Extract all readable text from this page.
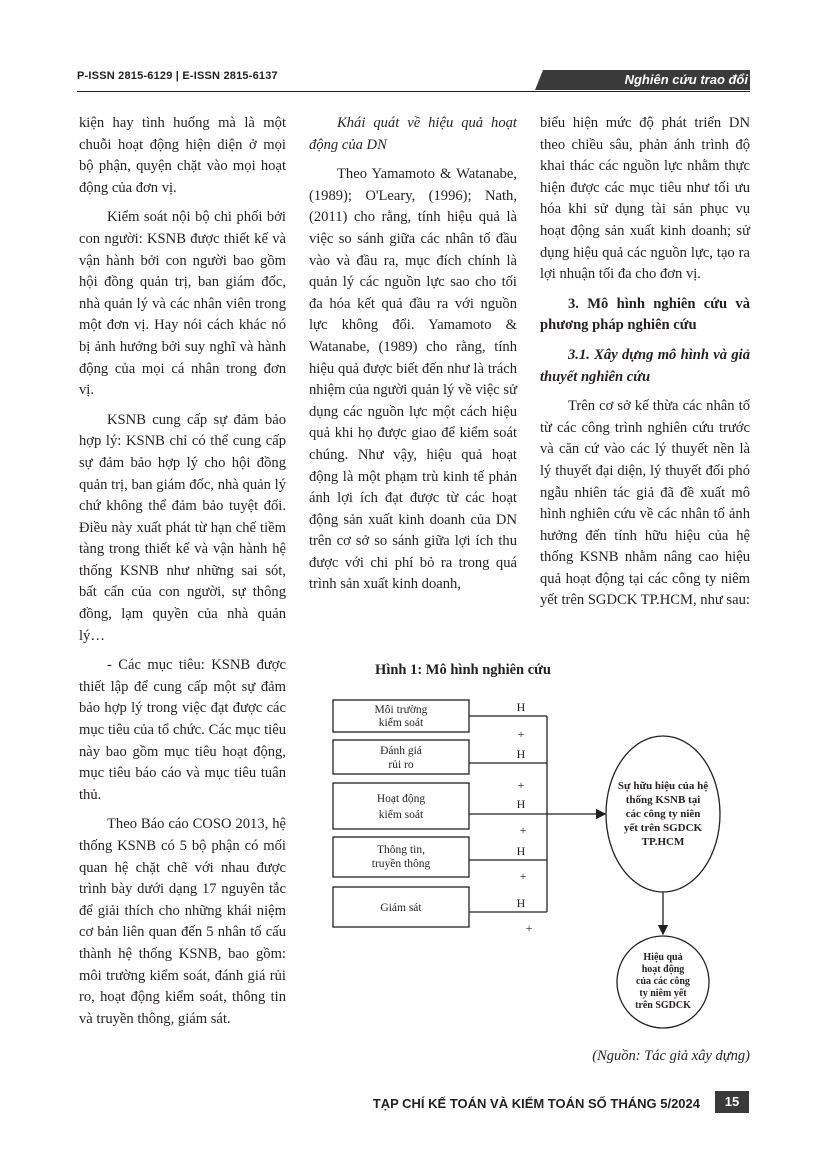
P-ISSN 2815-6129 | E-ISSN 2815-6137	Nghiên cứu trao đổi

kiện hay tình huống mà là một chuỗi hoạt động hiện diện ở mọi bộ phận, quyện chặt vào mọi hoạt động của đơn vị.

Kiểm soát nội bộ chi phối bởi con người: KSNB được thiết kế và vận hành bởi con người bao gồm hội đồng quản trị, ban giám đốc, nhà quản lý và các nhân viên trong một đơn vị. Hay nói cách khác nó bị ảnh hưởng bởi suy nghĩ và hành động của mọi cá nhân trong đơn vị.

KSNB cung cấp sự đảm bảo hợp lý: KSNB chỉ có thể cung cấp sự đảm bảo hợp lý cho hội đồng quản trị, ban giám đốc, nhà quản lý chứ không thể đảm bảo tuyệt đối. Điều này xuất phát từ hạn chế tiềm tàng trong thiết kế và vận hành hệ thống KSNB như những sai sót, bất cẩn của con người, sự thông đồng, lạm quyền của nhà quản lý…

- Các mục tiêu: KSNB được thiết lập để cung cấp một sự đảm bảo hợp lý trong việc đạt được các mục tiêu của tổ chức. Các mục tiêu này bao gồm mục tiêu hoạt động, mục tiêu báo cáo và mục tiêu tuân thủ.

Theo Báo cáo COSO 2013, hệ thống KSNB có 5 bộ phận có mối quan hệ chặt chẽ với nhau được trình bày dưới dạng 17 nguyên tắc để giải thích cho những khái niệm cơ bản liên quan đến 5 nhân tố cấu thành hệ thống KSNB, bao gồm: môi trường kiểm soát, đánh giá rủi ro, hoạt động kiểm soát, thông tin và truyền thông, giám sát.

Khái quát về hiệu quả hoạt động của DN

Theo Yamamoto & Watanabe, (1989); O'Leary, (1996); Nath, (2011) cho rằng, tính hiệu quả là việc so sánh giữa các nhân tố đầu vào và đầu ra, mục đích chính là quản lý các nguồn lực sao cho tối đa hóa kết quả đầu ra với nguồn lực không đổi. Yamamoto & Watanabe, (1989) cho rằng, tính hiệu quả được biết đến như là trách nhiệm của người quản lý về việc sử dụng các nguồn lực một cách hiệu quả khi họ được giao để kiểm soát chúng. Như vậy, hiệu quả hoạt động là một phạm trù kinh tế phản ánh lợi ích đạt được từ các hoạt động sản xuất kinh doanh của DN trên cơ sở so sánh giữa lợi ích thu được với chi phí bỏ ra trong quá trình sản xuất kinh doanh,

biểu hiện mức độ phát triển DN theo chiều sâu, phản ánh trình độ khai thác các nguồn lực nhằm thực hiện được các mục tiêu như tối ưu hóa khi sử dụng tài sản phục vụ hoạt động sản xuất kinh doanh; sử dụng hiệu quả các nguồn lực, tạo ra lợi nhuận tối đa cho đơn vị.

3. Mô hình nghiên cứu và phương pháp nghiên cứu

3.1. Xây dựng mô hình và giả thuyết nghiên cứu

Trên cơ sở kế thừa các nhân tố từ các công trình nghiên cứu trước và căn cứ vào các lý thuyết nền là lý thuyết đại diện, lý thuyết đối phó ngẫu nhiên tác giả đã đề xuất mô hình nghiên cứu về các nhân tố ảnh hưởng đến tính hữu hiệu của hệ thống KSNB nhằm nâng cao hiệu quả hoạt động tại các công ty niêm yết trên SGDCK TP.HCM, như sau:

Hình 1: Mô hình nghiên cứu
Môi trường
kiểm soát
Đánh giá
rủi ro
Hoạt động
kiểm soát
Thông tin,
truyền thông
Giám sát
H
H
H
H
H
+
+
+
+
+
Sự hữu hiệu của hệ
thống KSNB tại
các công ty niên
yết trên SGDCK
TP.HCM
Hiệu quả
hoạt động
của các công
ty niêm yết
trên SGDCK
(Nguồn: Tác giả xây dựng)
TẠP CHÍ KẾ TOÁN VÀ KIỂM TOÁN SỐ THÁNG 5/2024	15
